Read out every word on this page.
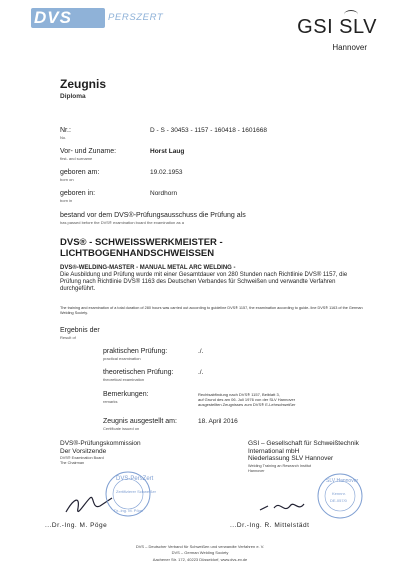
DVS	PERSZERT	GSI SLV
Hannover
Zeugnis
Diploma
Nr.:
No.
D - S - 30453 - 1157 - 160418 - 1601668
Vor- und Zuname:
first- and surname
Horst Laug
geboren am:
born on
19.02.1953
geboren in:
born in
Nordhorn
bestand vor dem DVS®-Prüfungsausschuss die Prüfung als
has passed before the DVS® examination board the examination as a
DVS® - SCHWEISSWERKMEISTER -
LICHTBOGENHANDSCHWEISSEN
DVS®-WELDING-MASTER - MANUAL METAL ARC WELDING -
Die Ausbildung und Prüfung wurde mit einer Gesamtdauer von 280 Stunden nach Richtlinie DVS® 1157, die Prüfung nach Richtlinie DVS® 1163 des Deutschen Verbandes für Schweißen und verwandte Verfahren durchgeführt.
The training and examination of a total duration of 280 hours was carried out according to guideline DVS® 1157, the examination according to guide- line DVS® 1163 of the German Welding Society.
Ergebnis der
Result of
praktischen Prüfung:
practical examination
./.
theoretischen Prüfung:
theoretical examination
./.
Bemerkungen:
remarks
Rechtsabfindung nach DVS® 1157, Beiblatt 3,
auf Grund des am 06. Juli 1976 von der SLV Hannover
ausgestellten Zeugnisses zum DVS® E-Lehrschweißer
Zeugnis ausgestellt am:
Certificate issued on
18. April 2016
DVS®-Prüfungskommission
Der Vorsitzende
DVS® Examination Board
The Chairman
DVS-PersZert
Zertifizierer Schweißer
Dr.-Ing. M. Pöge
...Dr.-Ing. M. Pöge
GSI – Gesellschaft für Schweißtechnik
International mbH
Niederlassung SLV Hannover
Welding Training an Research Institut
Hannover
SLV Hannover
Kennnr.
DE-057/0
...Dr.-Ing. R. Mittelstädt
DVS – Deutscher Verband für Schweißen und verwandte Verfahren e. V.
DVS – German Welding Society
Aachener Str. 172, 40223 Düsseldorf, www.dvs-ev.de
